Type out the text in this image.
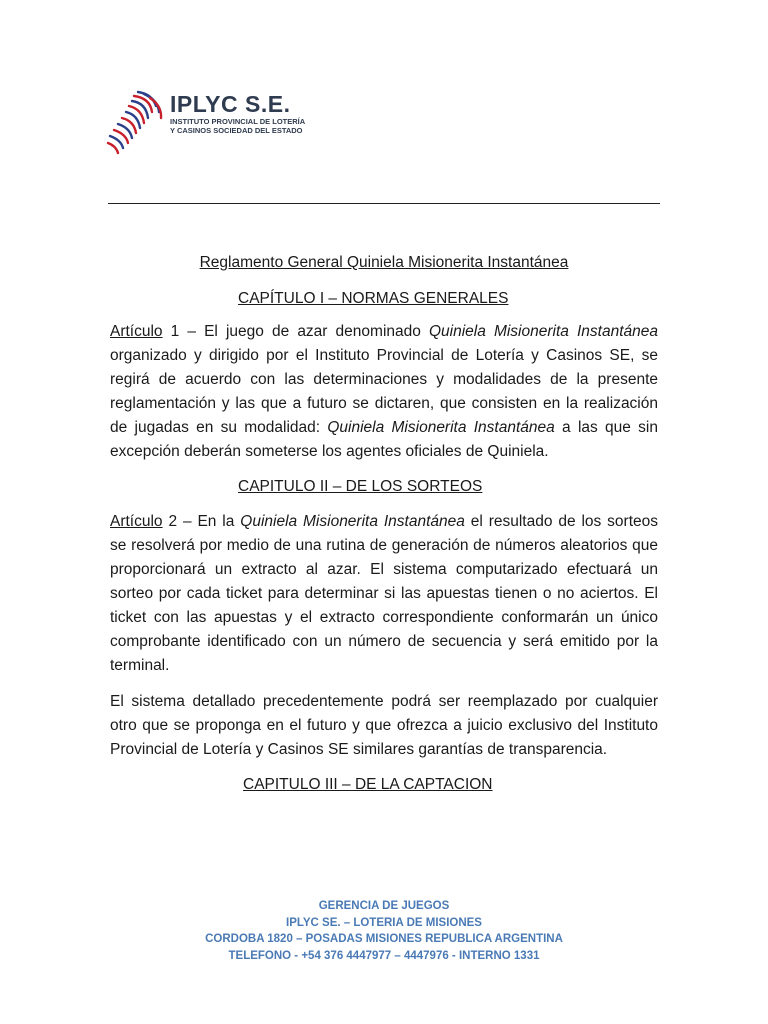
IPLYC S.E.
INSTITUTO PROVINCIAL DE LOTERÍA
Y CASINOS SOCIEDAD DEL ESTADO
Reglamento General Quiniela Misionerita Instantánea
CAPÍTULO I – NORMAS GENERALES

Artículo 1 – El juego de azar denominado Quiniela Misionerita Instantánea organizado y dirigido por el Instituto Provincial de Lotería y Casinos SE, se regirá de acuerdo con las determinaciones y modalidades de la presente reglamentación y las que a futuro se dictaren, que consisten en la realización de jugadas en su modalidad: Quiniela Misionerita Instantánea a las que sin excepción deberán someterse los agentes oficiales de Quiniela.

CAPITULO II – DE LOS SORTEOS

Artículo 2 – En la Quiniela Misionerita Instantánea el resultado de los sorteos se resolverá por medio de una rutina de generación de números aleatorios que proporcionará un extracto al azar. El sistema computarizado efectuará un sorteo por cada ticket para determinar si las apuestas tienen o no aciertos. El ticket con las apuestas y el extracto correspondiente conformarán un único comprobante identificado con un número de secuencia y será emitido por la terminal.

El sistema detallado precedentemente podrá ser reemplazado por cualquier otro que se proponga en el futuro y que ofrezca a juicio exclusivo del Instituto Provincial de Lotería y Casinos SE similares garantías de transparencia.

CAPITULO III – DE LA CAPTACION
GERENCIA DE JUEGOS
IPLYC SE. – LOTERIA DE MISIONES
CORDOBA 1820 – POSADAS MISIONES REPUBLICA ARGENTINA
TELEFONO - +54 376 4447977 – 4447976 - INTERNO 1331
